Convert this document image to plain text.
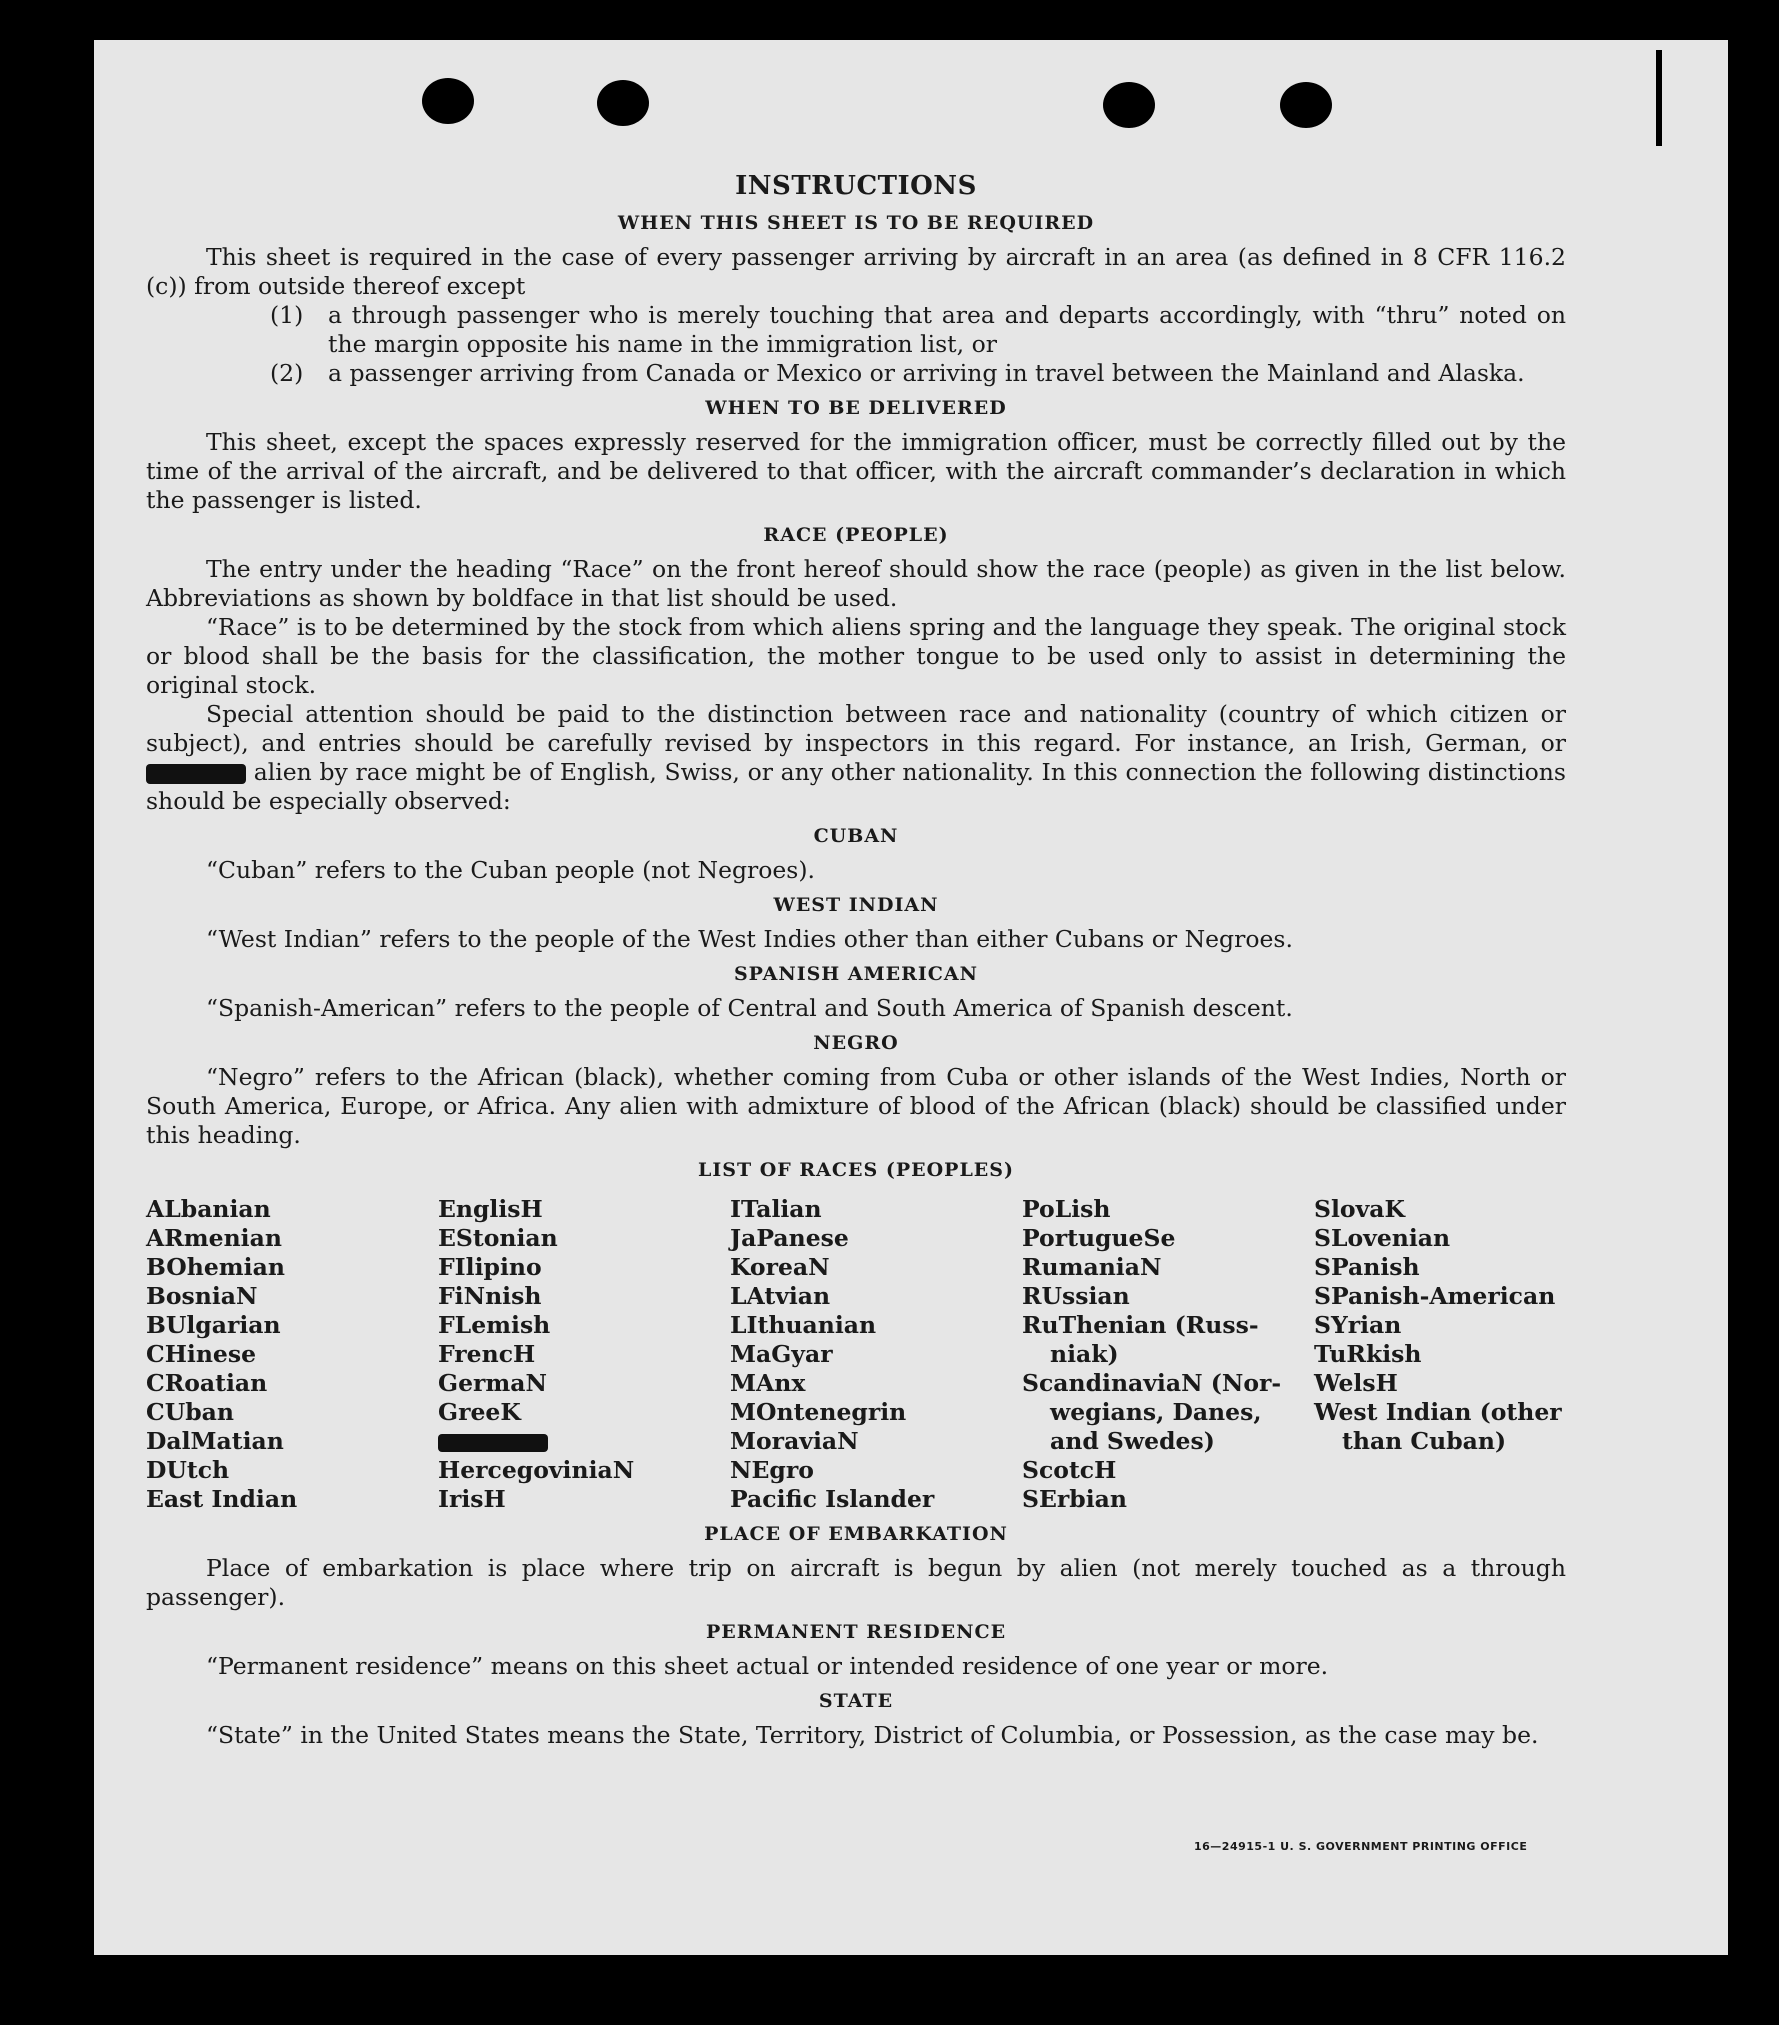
INSTRUCTIONS
WHEN THIS SHEET IS TO BE REQUIRED

This sheet is required in the case of every passenger arriving by aircraft in an area (as defined in 8 CFR 116.2 (c)) from outside thereof except

(1)	a through passenger who is merely touching that area and departs accordingly, with “thru” noted on the margin opposite his name in the immigration list, or
(2)	a passenger arriving from Canada or Mexico or arriving in travel between the Mainland and Alaska.
WHEN TO BE DELIVERED

This sheet, except the spaces expressly reserved for the immigration officer, must be correctly filled out by the time of the arrival of the aircraft, and be delivered to that officer, with the aircraft commander’s declaration in which the passenger is listed.

RACE (PEOPLE)

The entry under the heading “Race” on the front hereof should show the race (people) as given in the list below. Abbreviations as shown by boldface in that list should be used.

“Race” is to be determined by the stock from which aliens spring and the language they speak. The original stock or blood shall be the basis for the classification, the mother tongue to be used only to assist in determining the original stock.

Special attention should be paid to the distinction between race and nationality (country of which citizen or subject), and entries should be carefully revised by inspectors in this regard. For instance, an Irish, German, or  alien by race might be of English, Swiss, or any other nationality. In this connection the following distinctions should be especially observed:

CUBAN

“Cuban” refers to the Cuban people (not Negroes).

WEST INDIAN

“West Indian” refers to the people of the West Indies other than either Cubans or Negroes.

SPANISH AMERICAN

“Spanish-American” refers to the people of Central and South America of Spanish descent.

NEGRO

“Negro” refers to the African (black), whether coming from Cuba or other islands of the West Indies, North or South America, Europe, or Africa. Any alien with admixture of blood of the African (black) should be classified under this heading.

LIST OF RACES (PEOPLES)
ALbanian
ARmenian
BOhemian
BosniaN
BUlgarian
CHinese
CRoatian
CUban
DalMatian
DUtch
East Indian
EnglisH
EStonian
FIlipino
FiNnish
FLemish
FrencH
GermaN
GreeK
HercegoviniaN
IrisH
ITalian
JaPanese
KoreaN
LAtvian
LIthuanian
MaGyar
MAnx
MOntenegrin
MoraviaN
NEgro
Pacific Islander
PoLish
PortugueSe
RumaniaN
RUssian
RuThenian (Russ-
niak)
ScandinaviaN (Nor-
wegians, Danes,
and Swedes)
ScotcH
SErbian
SlovaK
SLovenian
SPanish
SPanish-American
SYrian
TuRkish
WelsH
West Indian (other
than Cuban)
PLACE OF EMBARKATION

Place of embarkation is place where trip on aircraft is begun by alien (not merely touched as a through passenger).

PERMANENT RESIDENCE

“Permanent residence” means on this sheet actual or intended residence of one year or more.

STATE

“State” in the United States means the State, Territory, District of Columbia, or Possession, as the case may be.

16—24915-1 U. S. GOVERNMENT PRINTING OFFICE
